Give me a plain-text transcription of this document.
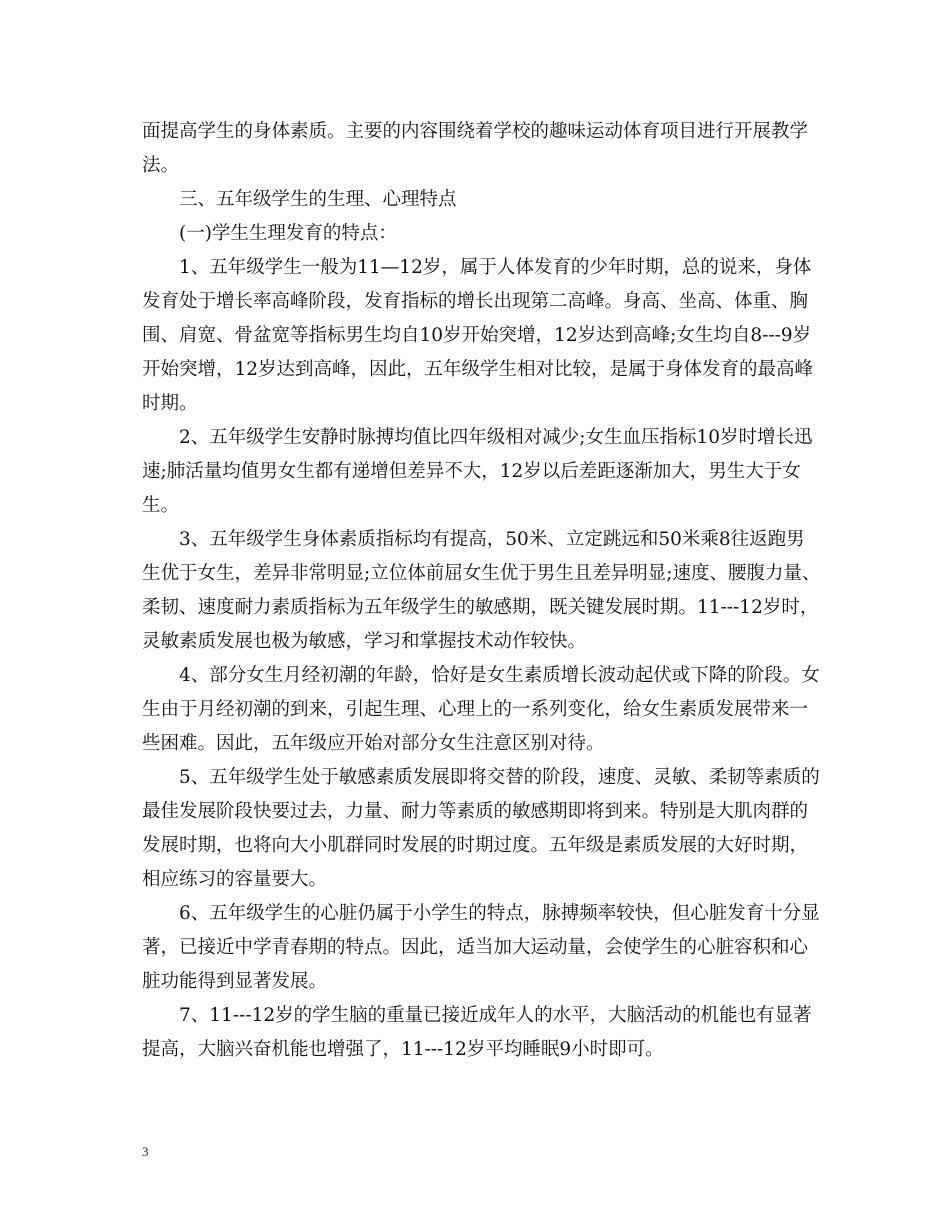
面提高学生的身体素质。主要的内容围绕着学校的趣味运动体育项目进行开展教学法。

三、五年级学生的生理、心理特点

(一)学生生理发育的特点：

1、五年级学生一般为11—12岁，属于人体发育的少年时期，总的说来，身体发育处于增长率高峰阶段，发育指标的增长出现第二高峰。身高、坐高、体重、胸围、肩宽、骨盆宽等指标男生均自10岁开始突增，12岁达到高峰;女生均自8---9岁开始突增，12岁达到高峰，因此，五年级学生相对比较，是属于身体发育的最高峰时期。

2、五年级学生安静时脉搏均值比四年级相对减少;女生血压指标10岁时增长迅速;肺活量均值男女生都有递增但差异不大，12岁以后差距逐渐加大，男生大于女生。

3、五年级学生身体素质指标均有提高，50米、立定跳远和50米乘8往返跑男生优于女生，差异非常明显;立位体前屈女生优于男生且差异明显;速度、腰腹力量、柔韧、速度耐力素质指标为五年级学生的敏感期，既关键发展时期。11---12岁时，灵敏素质发展也极为敏感，学习和掌握技术动作较快。

4、部分女生月经初潮的年龄，恰好是女生素质增长波动起伏或下降的阶段。女生由于月经初潮的到来，引起生理、心理上的一系列变化，给女生素质发展带来一些困难。因此，五年级应开始对部分女生注意区别对待。

5、五年级学生处于敏感素质发展即将交替的阶段，速度、灵敏、柔韧等素质的最佳发展阶段快要过去，力量、耐力等素质的敏感期即将到来。特别是大肌肉群的发展时期，也将向大小肌群同时发展的时期过度。五年级是素质发展的大好时期，相应练习的容量要大。

6、五年级学生的心脏仍属于小学生的特点，脉搏频率较快，但心脏发育十分显著，已接近中学青春期的特点。因此，适当加大运动量，会使学生的心脏容积和心脏功能得到显著发展。

7、11---12岁的学生脑的重量已接近成年人的水平，大脑活动的机能也有显著提高，大脑兴奋机能也增强了，11---12岁平均睡眠9小时即可。

3
